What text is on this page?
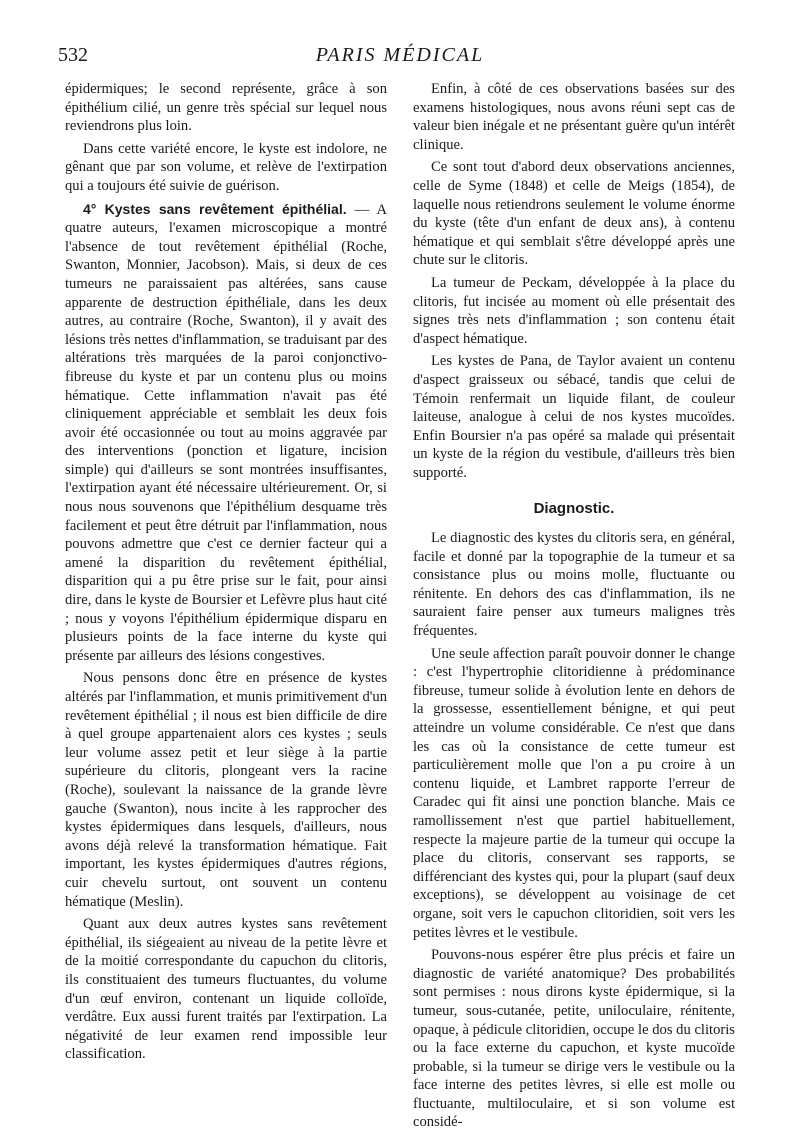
532	PARIS MÉDICAL

épidermiques; le second représente, grâce à son épithélium cilié, un genre très spécial sur lequel nous reviendrons plus loin.

Dans cette variété encore, le kyste est indolore, ne gênant que par son volume, et relève de l'extirpation qui a toujours été suivie de guérison.

4° Kystes sans revêtement épithélial. — A quatre auteurs, l'examen microscopique a montré l'absence de tout revêtement épithélial (Roche, Swanton, Monnier, Jacobson). Mais, si deux de ces tumeurs ne paraissaient pas altérées, sans cause apparente de destruction épithéliale, dans les deux autres, au contraire (Roche, Swanton), il y avait des lésions très nettes d'inflammation, se traduisant par des altérations très marquées de la paroi conjonctivo-fibreuse du kyste et par un contenu plus ou moins hématique. Cette inflammation n'avait pas été cliniquement appréciable et semblait les deux fois avoir été occasionnée ou tout au moins aggravée par des interventions (ponction et ligature, incision simple) qui d'ailleurs se sont montrées insuffisantes, l'extirpation ayant été nécessaire ultérieurement. Or, si nous nous souvenons que l'épithélium desquame très facilement et peut être détruit par l'inflammation, nous pouvons admettre que c'est ce dernier facteur qui a amené la disparition du revêtement épithélial, disparition qui a pu être prise sur le fait, pour ainsi dire, dans le kyste de Boursier et Lefèvre plus haut cité ; nous y voyons l'épithélium épidermique disparu en plusieurs points de la face interne du kyste qui présente par ailleurs des lésions congestives.

Nous pensons donc être en présence de kystes altérés par l'inflammation, et munis primitivement d'un revêtement épithélial ; il nous est bien difficile de dire à quel groupe appartenaient alors ces kystes ; seuls leur volume assez petit et leur siège à la partie supérieure du clitoris, plongeant vers la racine (Roche), soulevant la naissance de la grande lèvre gauche (Swanton), nous incite à les rapprocher des kystes épidermiques dans lesquels, d'ailleurs, nous avons déjà relevé la transformation hématique. Fait important, les kystes épidermiques d'autres régions, cuir chevelu surtout, ont souvent un contenu hématique (Meslin).

Quant aux deux autres kystes sans revêtement épithélial, ils siégeaient au niveau de la petite lèvre et de la moitié correspondante du capuchon du clitoris, ils constituaient des tumeurs fluctuantes, du volume d'un œuf environ, contenant un liquide colloïde, verdâtre. Eux aussi furent traités par l'extirpation. La négativité de leur examen rend impossible leur classification.

Enfin, à côté de ces observations basées sur des examens histologiques, nous avons réuni sept cas de valeur bien inégale et ne présentant guère qu'un intérêt clinique.

Ce sont tout d'abord deux observations anciennes, celle de Syme (1848) et celle de Meigs (1854), de laquelle nous retiendrons seulement le volume énorme du kyste (tête d'un enfant de deux ans), à contenu hématique et qui semblait s'être développé après une chute sur le clitoris.

La tumeur de Peckam, développée à la place du clitoris, fut incisée au moment où elle présentait des signes très nets d'inflammation ; son contenu était d'aspect hématique.

Les kystes de Pana, de Taylor avaient un contenu d'aspect graisseux ou sébacé, tandis que celui de Témoin renfermait un liquide filant, de couleur laiteuse, analogue à celui de nos kystes mucoïdes. Enfin Boursier n'a pas opéré sa malade qui présentait un kyste de la région du vestibule, d'ailleurs très bien supporté.

Diagnostic.

Le diagnostic des kystes du clitoris sera, en général, facile et donné par la topographie de la tumeur et sa consistance plus ou moins molle, fluctuante ou rénitente. En dehors des cas d'inflammation, ils ne sauraient faire penser aux tumeurs malignes très fréquentes.

Une seule affection paraît pouvoir donner le change : c'est l'hypertrophie clitoridienne à prédominance fibreuse, tumeur solide à évolution lente en dehors de la grossesse, essentiellement bénigne, et qui peut atteindre un volume considérable. Ce n'est que dans les cas où la consistance de cette tumeur est particulièrement molle que l'on a pu croire à un contenu liquide, et Lambret rapporte l'erreur de Caradec qui fit ainsi une ponction blanche. Mais ce ramollissement n'est que partiel habituellement, respecte la majeure partie de la tumeur qui occupe la place du clitoris, conservant ses rapports, se différenciant des kystes qui, pour la plupart (sauf deux exceptions), se développent au voisinage de cet organe, soit vers le capuchon clitoridien, soit vers les petites lèvres et le vestibule.

Pouvons-nous espérer être plus précis et faire un diagnostic de variété anatomique? Des probabilités sont permises : nous dirons kyste épidermique, si la tumeur, sous-cutanée, petite, uniloculaire, rénitente, opaque, à pédicule clitoridien, occupe le dos du clitoris ou la face externe du capuchon, et kyste mucoïde probable, si la tumeur se dirige vers le vestibule ou la face interne des petites lèvres, si elle est molle ou fluctuante, multiloculaire, et si son volume est considé-
